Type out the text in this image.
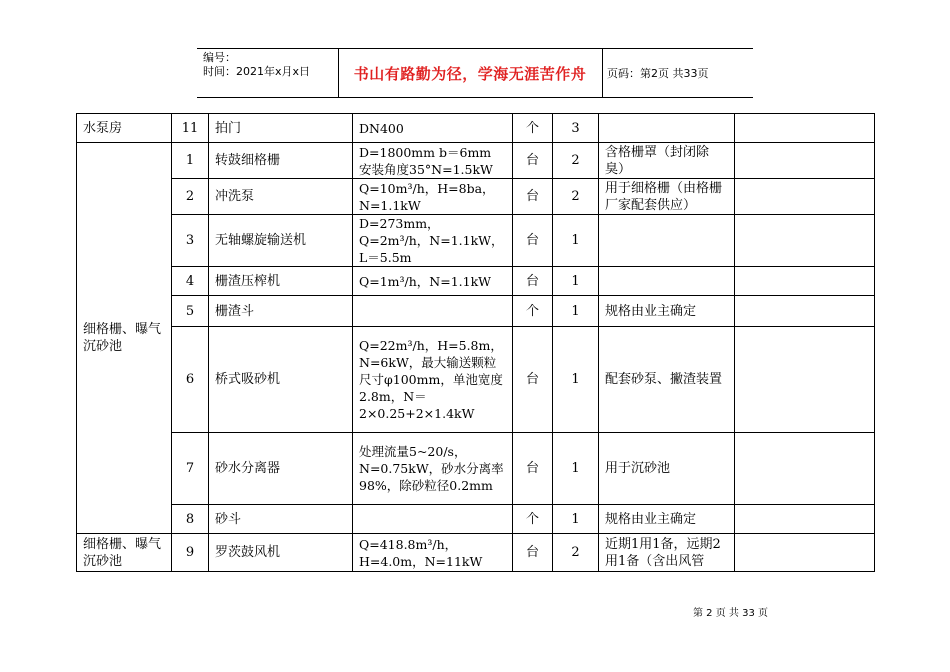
编号：
时间：2021年x月x日	书山有路勤为径，学海无涯苦作舟	页码：第2页 共33页
水泵房	11	拍门	DN400	个	3		
细格栅、曝气沉砂池	1	转鼓细格栅	D=1800mm b＝6mm 安装角度35°N=1.5kW	台	2	含格栅罩（封闭除臭）	
	2	冲洗泵	Q=10m³/h，H=8ba，N=1.1kW	台	2	用于细格栅（由格栅厂家配套供应）	
	3	无轴螺旋输送机	D=273mm，Q=2m³/h，N=1.1kW，L＝5.5m	台	1		
	4	栅渣压榨机	Q=1m³/h，N=1.1kW	台	1		
	5	栅渣斗		个	1	规格由业主确定	
	6	桥式吸砂机	Q=22m³/h，H=5.8m，N=6kW，最大输送颗粒尺寸φ100mm，单池宽度2.8m，N＝2×0.25+2×1.4kW	台	1	配套砂泵、撇渣装置	
	7	砂水分离器	处理流量5~20/s，N=0.75kW，砂水分离率98%，除砂粒径0.2mm	台	1	用于沉砂池	
	8	砂斗		个	1	规格由业主确定	
细格栅、曝气沉砂池	9	罗茨鼓风机	Q=418.8m³/h，H=4.0m，N=11kW	台	2	近期1用1备，远期2用1备（含出风管	
第 2 页 共 33 页
